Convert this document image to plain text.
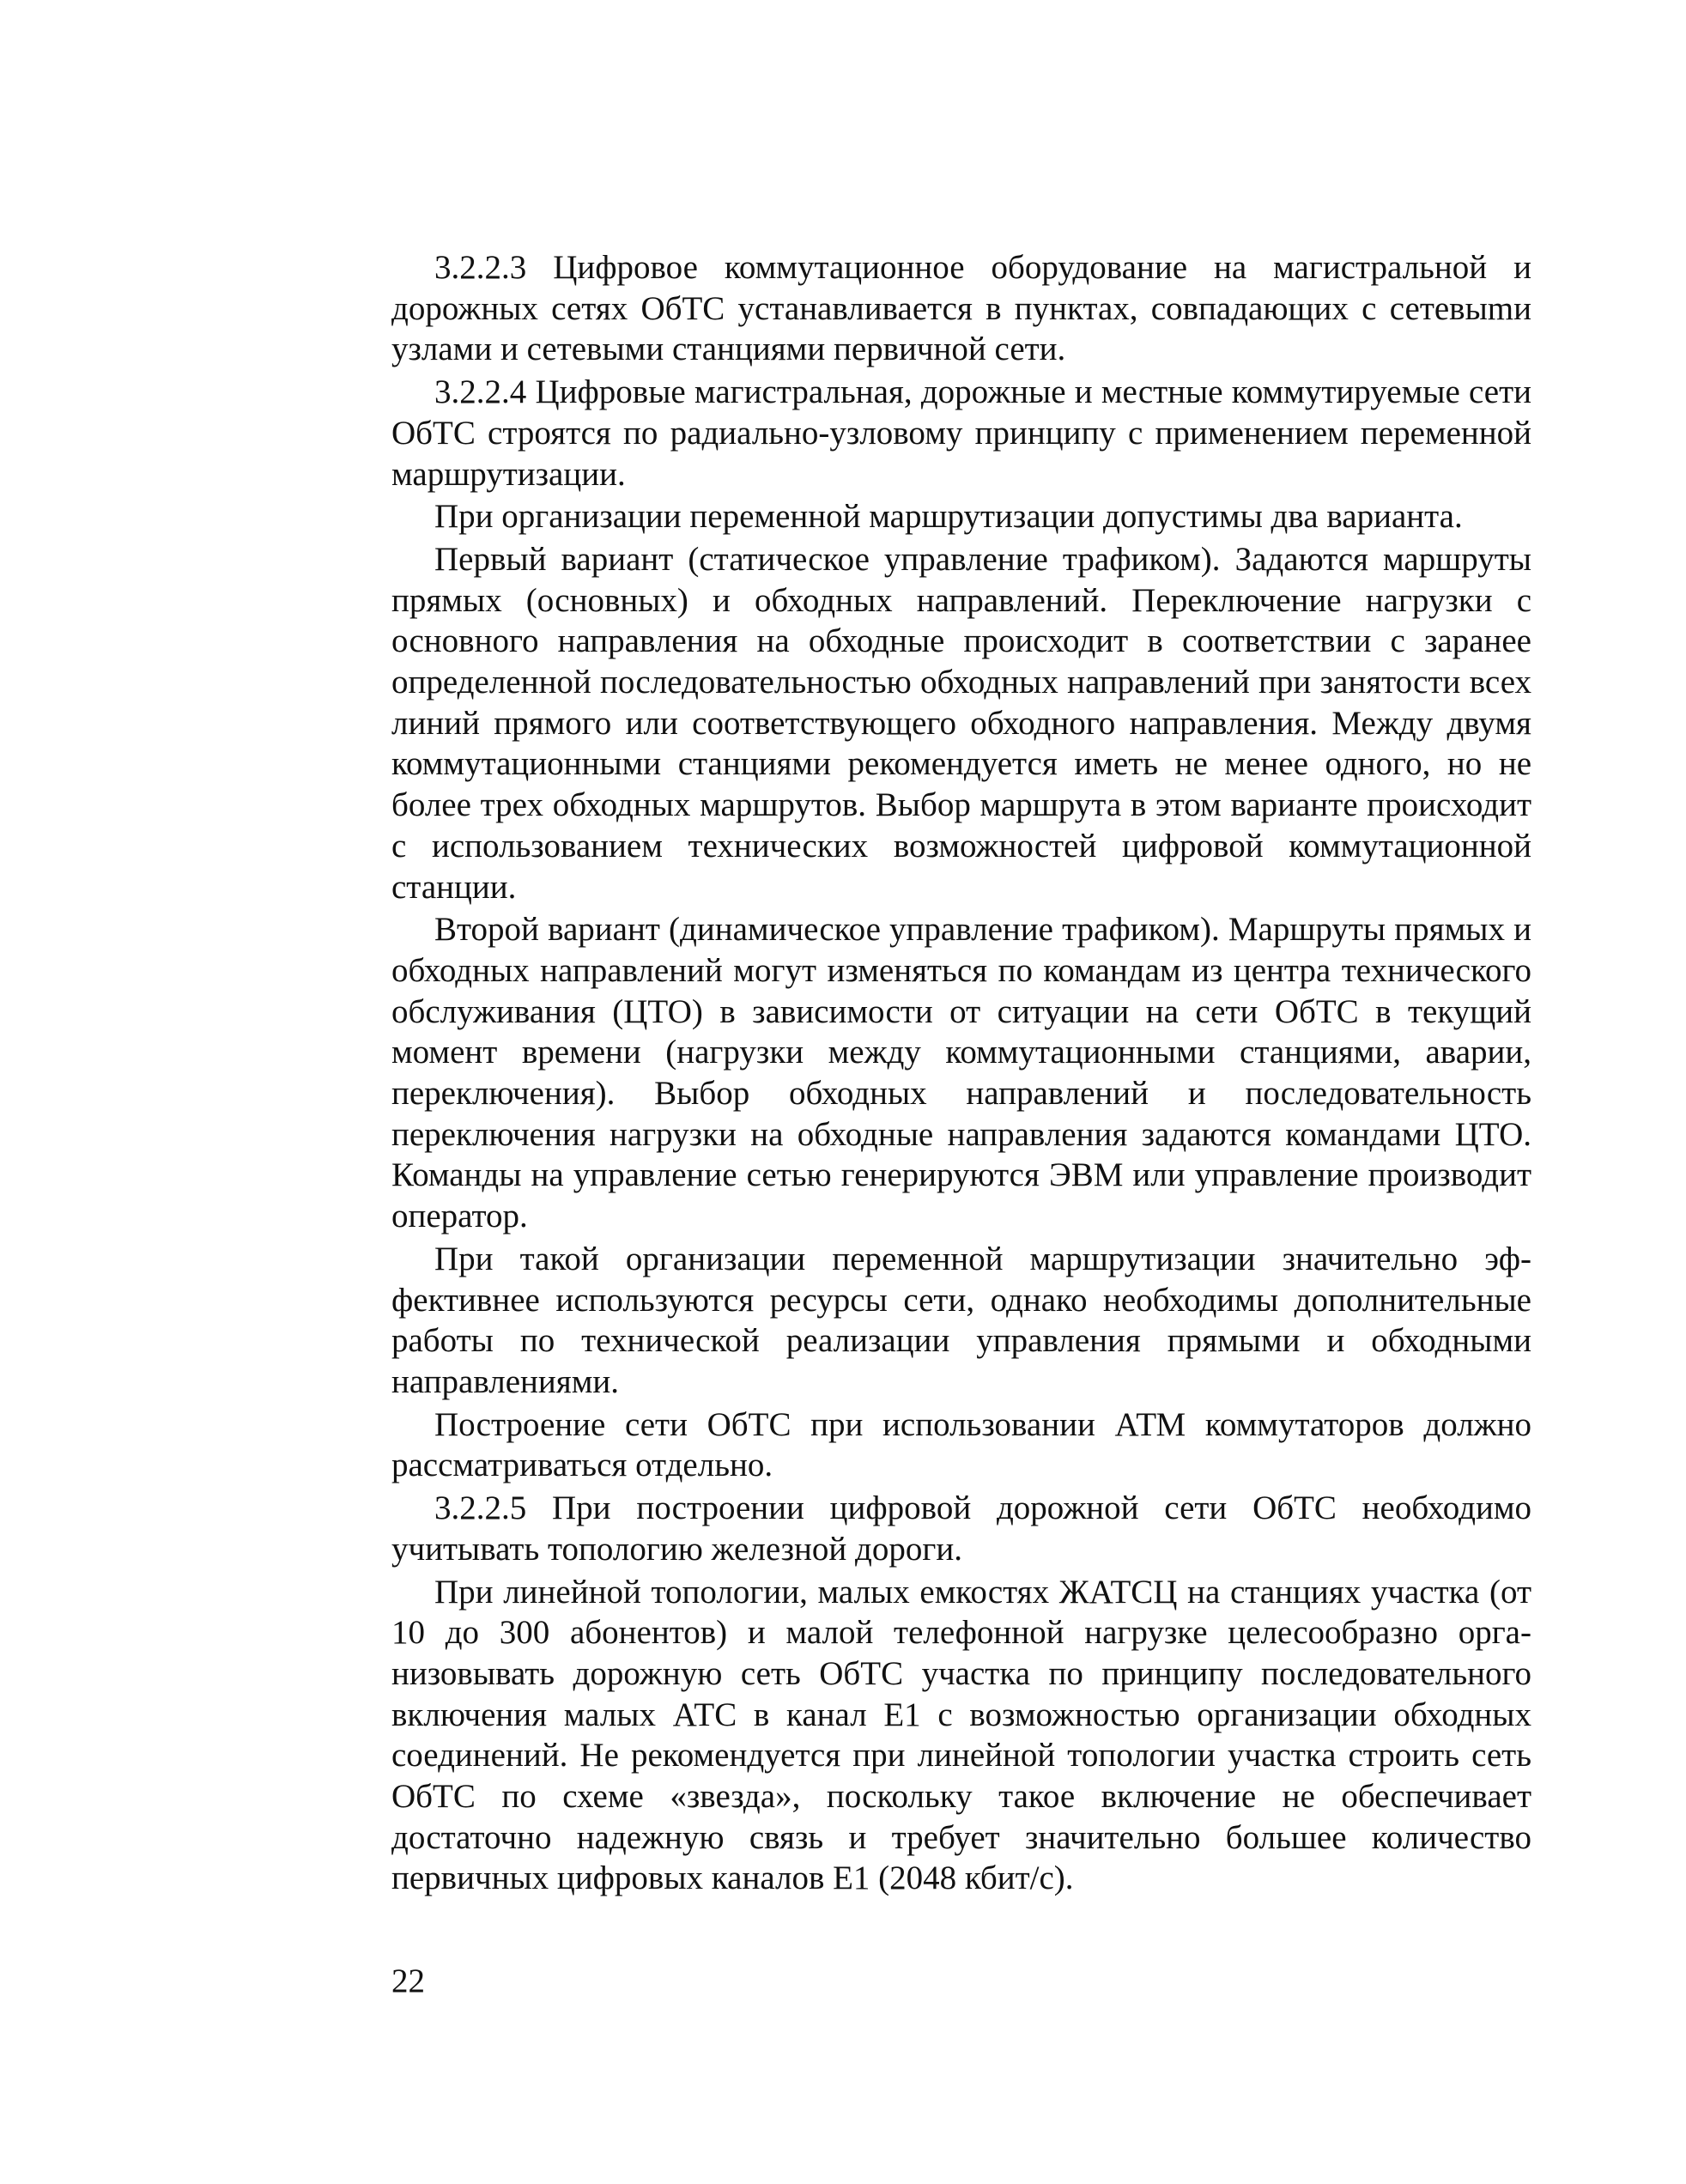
3.2.2.3 Цифровое коммутационное оборудование на магистральной и дорожных сетях ОбТС устанавливается в пунктах, совпадающих с сетевыmи узлами и сетевыми станциями первичной сети.

3.2.2.4 Цифровые магистральная, дорожные и местные коммутируемые сети ОбТС строятся по радиально-узловому принципу с применением переменной маршрутизации.

При организации переменной маршрутизации допустимы два варианта.

Первый вариант (статическое управление трафиком). Задаются маршруты прямых (основных) и обходных направлений. Переключение нагрузки с основного направления на обходные происходит в соответствии с заранее определенной последовательностью обходных направлений при занятости всех линий прямого или соответствующего обходного направления. Между двумя коммутационными станциями рекомендуется иметь не менее одного, но не более трех обходных маршрутов. Выбор маршрута в этом варианте происходит с использованием технических возможностей цифровой коммутационной станции.

Второй вариант (динамическое управление трафиком). Маршруты прямых и обходных направлений могут изменяться по командам из центра технического обслуживания (ЦТО) в зависимости от ситуации на сети ОбТС в текущий момент времени (нагрузки между коммутационными станциями, аварии, переключения). Выбор обходных направлений и последовательность переключения нагрузки на обходные направления задаются командами ЦТО. Команды на управление сетью генерируются ЭВМ или управление производит оператор.

При такой организации переменной маршрутизации значительно эффективнее используются ресурсы сети, однако необходимы дополнительные работы по технической реализации управления прямыми и обходными направлениями.

Построение сети ОбТС при использовании АТМ коммутаторов должно рассматриваться отдельно.

3.2.2.5 При построении цифровой дорожной сети ОбТС необходимо учитывать топологию железной дороги.

При линейной топологии, малых емкостях ЖАТСЦ на станциях участка (от 10 до 300 абонентов) и малой телефонной нагрузке целесообразно организовывать дорожную сеть ОбТС участка по принципу последовательного включения малых АТС в канал Е1 с возможностью организации обходных соединений. Не рекомендуется при линейной топологии участка строить сеть ОбТС по схеме «звезда», поскольку такое включение не обеспечивает достаточно надежную связь и требует значительно большее количество первичных цифровых каналов Е1 (2048 кбит/с).

22
